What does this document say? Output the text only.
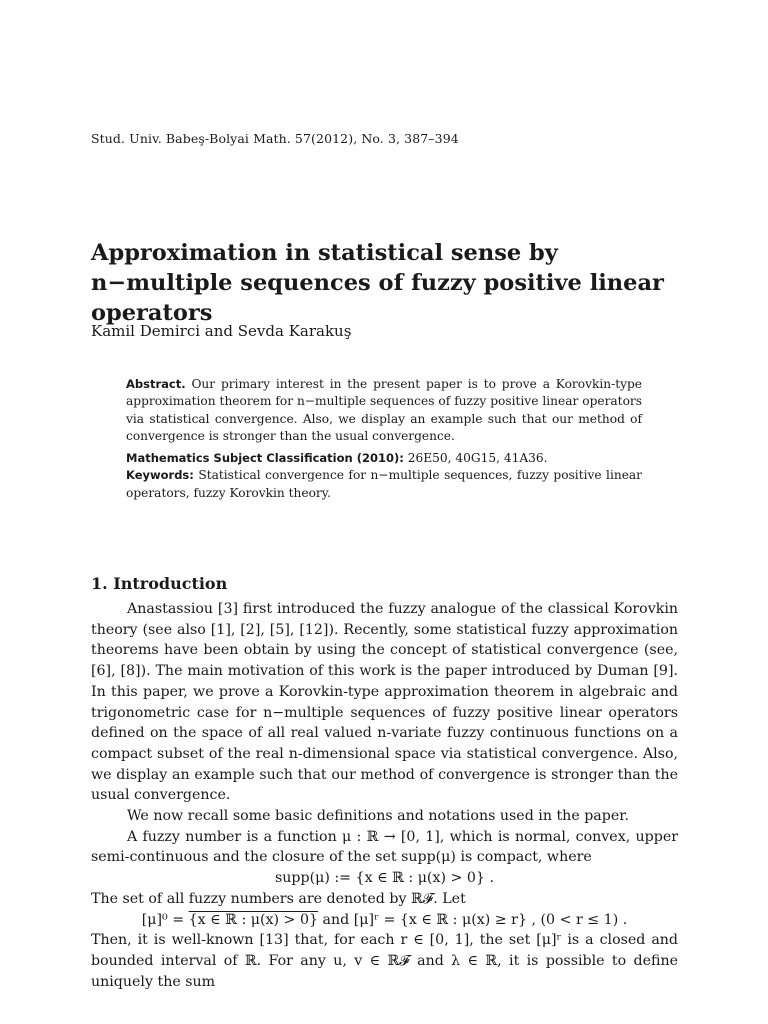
Stud. Univ. Babeş-Bolyai Math. 57(2012), No. 3, 387–394
Approximation in statistical sense by n−multiple sequences of fuzzy positive linear operators
Kamil Demirci and Sevda Karakuş

Abstract. Our primary interest in the present paper is to prove a Korovkin-type approximation theorem for n−multiple sequences of fuzzy positive linear operators via statistical convergence. Also, we display an example such that our method of convergence is stronger than the usual convergence.

Mathematics Subject Classification (2010): 26E50, 40G15, 41A36.

Keywords: Statistical convergence for n−multiple sequences, fuzzy positive linear operators, fuzzy Korovkin theory.

1. Introduction

Anastassiou [3] first introduced the fuzzy analogue of the classical Korovkin theory (see also [1], [2], [5], [12]). Recently, some statistical fuzzy approximation theorems have been obtain by using the concept of statistical convergence (see, [6], [8]). The main motivation of this work is the paper introduced by Duman [9]. In this paper, we prove a Korovkin-type approximation theorem in algebraic and trigonometric case for n−multiple sequences of fuzzy positive linear operators defined on the space of all real valued n-variate fuzzy continuous functions on a compact subset of the real n-dimensional space via statistical convergence. Also, we display an example such that our method of convergence is stronger than the usual convergence.

We now recall some basic definitions and notations used in the paper.

A fuzzy number is a function μ : ℝ → [0, 1], which is normal, convex, upper semi-continuous and the closure of the set supp(μ) is compact, where

supp(μ) := {x ∈ ℝ : μ(x) > 0} .

The set of all fuzzy numbers are denoted by ℝ𝓕. Let

[μ]⁰ = {x ∈ ℝ : μ(x) > 0} and [μ]ʳ = {x ∈ ℝ : μ(x) ≥ r} , (0 < r ≤ 1) .

Then, it is well-known [13] that, for each r ∈ [0, 1], the set [μ]ʳ is a closed and bounded interval of ℝ. For any u, v ∈ ℝ𝓕 and λ ∈ ℝ, it is possible to define uniquely the sum
